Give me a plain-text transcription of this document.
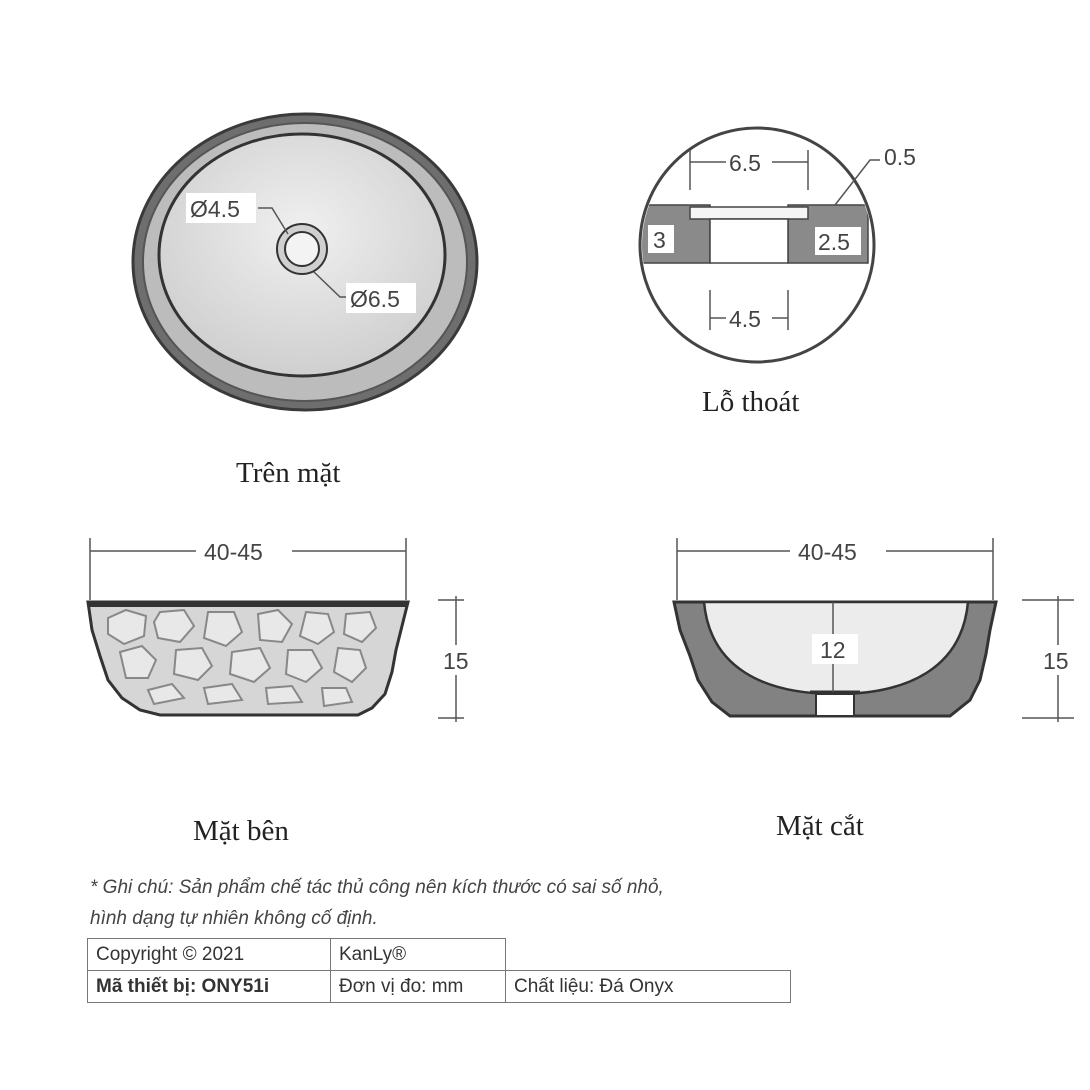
Ø4.5
Ø6.5
Trên mặt
6.5	0.5
3	2.5
4.5
Lỗ thoát
40-45
15
Mặt bên
40-45
12	15
Mặt cắt
* Ghi chú: Sản phẩm chế tác thủ công nên kích thước có sai số nhỏ,
hình dạng tự nhiên không cố định.
Copyright © 2021	KanLy®	
Mã thiết bị: ONY51i	Đơn vị đo: mm	Chất liệu: Đá Onyx
